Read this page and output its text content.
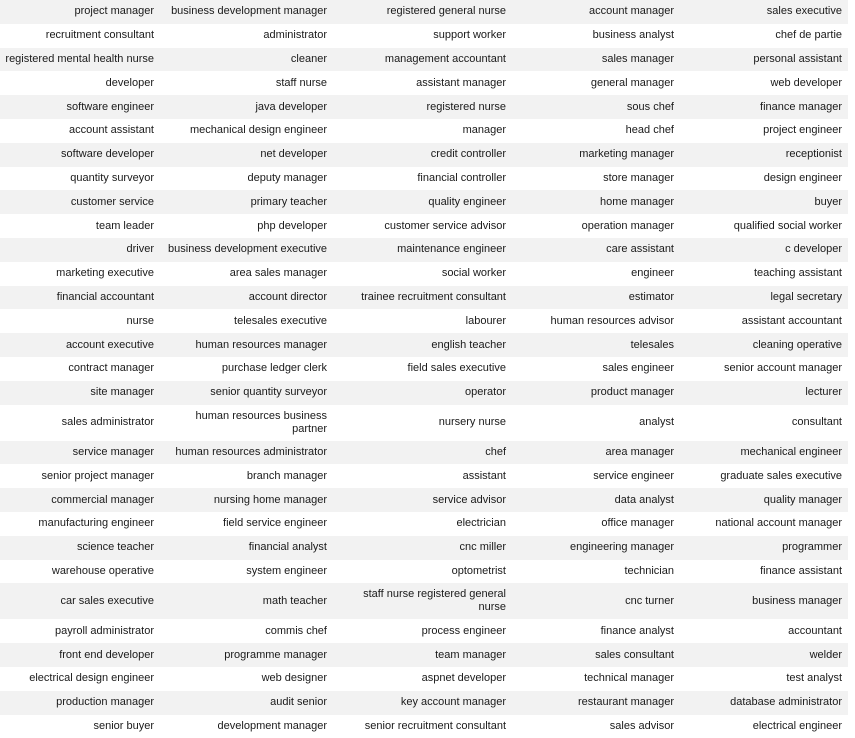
project manager	business development manager	registered general nurse	account manager	sales executive
recruitment consultant	administrator	support worker	business analyst	chef de partie
registered mental health nurse	cleaner	management accountant	sales manager	personal assistant
developer	staff nurse	assistant manager	general manager	web developer
software engineer	java developer	registered nurse	sous chef	finance manager
account assistant	mechanical design engineer	manager	head chef	project engineer
software developer	net developer	credit controller	marketing manager	receptionist
quantity surveyor	deputy manager	financial controller	store manager	design engineer
customer service	primary teacher	quality engineer	home manager	buyer
team leader	php developer	customer service advisor	operation manager	qualified social worker
driver	business development executive	maintenance engineer	care assistant	c developer
marketing executive	area sales manager	social worker	engineer	teaching assistant
financial accountant	account director	trainee recruitment consultant	estimator	legal secretary
nurse	telesales executive	labourer	human resources advisor	assistant accountant
account executive	human resources manager	english teacher	telesales	cleaning operative
contract manager	purchase ledger clerk	field sales executive	sales engineer	senior account manager
site manager	senior quantity surveyor	operator	product manager	lecturer
sales administrator	human resources business partner	nursery nurse	analyst	consultant
service manager	human resources administrator	chef	area manager	mechanical engineer
senior project manager	branch manager	assistant	service engineer	graduate sales executive
commercial manager	nursing home manager	service advisor	data analyst	quality manager
manufacturing engineer	field service engineer	electrician	office manager	national account manager
science teacher	financial analyst	cnc miller	engineering manager	programmer
warehouse operative	system engineer	optometrist	technician	finance assistant
car sales executive	math teacher	staff nurse registered general nurse	cnc turner	business manager
payroll administrator	commis chef	process engineer	finance analyst	accountant
front end developer	programme manager	team manager	sales consultant	welder
electrical design engineer	web designer	aspnet developer	technical manager	test analyst
production manager	audit senior	key account manager	restaurant manager	database administrator
senior buyer	development manager	senior recruitment consultant	sales advisor	electrical engineer
